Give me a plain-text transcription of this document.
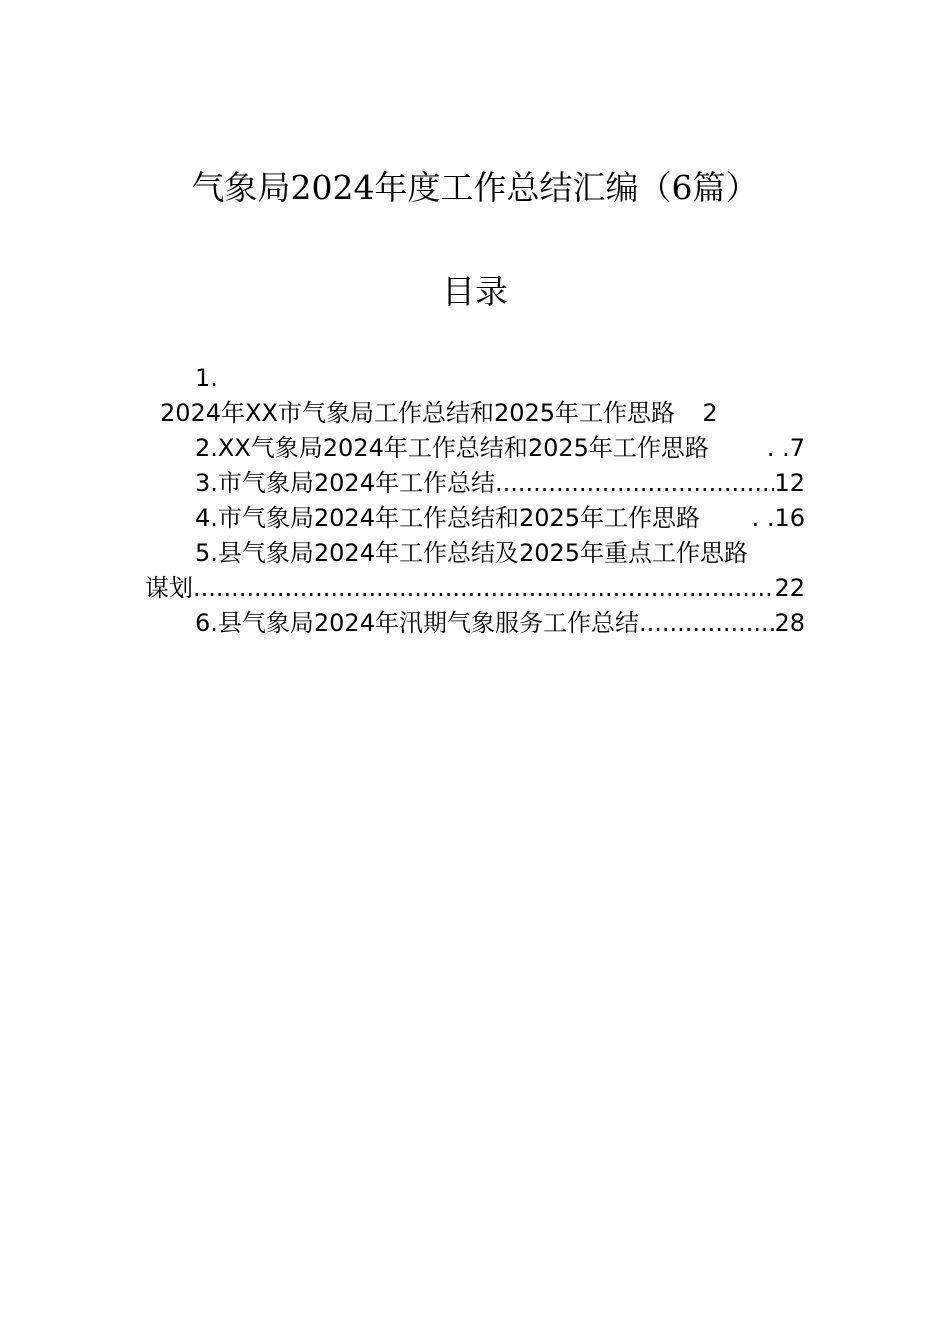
气象局2024年度工作总结汇编（6篇）
目录
1.
2024年XX市气象局工作总结和2025年工作思路 2
2.XX气象局2024年工作总结和2025年工作思路 . . 7
3.市气象局2024年工作总结 .....	12
4.市气象局2024年工作总结和2025年工作思路 . . 16
5.县气象局2024年工作总结及2025年重点工作思路
谋划 .....	22
6.县气象局2024年汛期气象服务工作总结 .....	28
